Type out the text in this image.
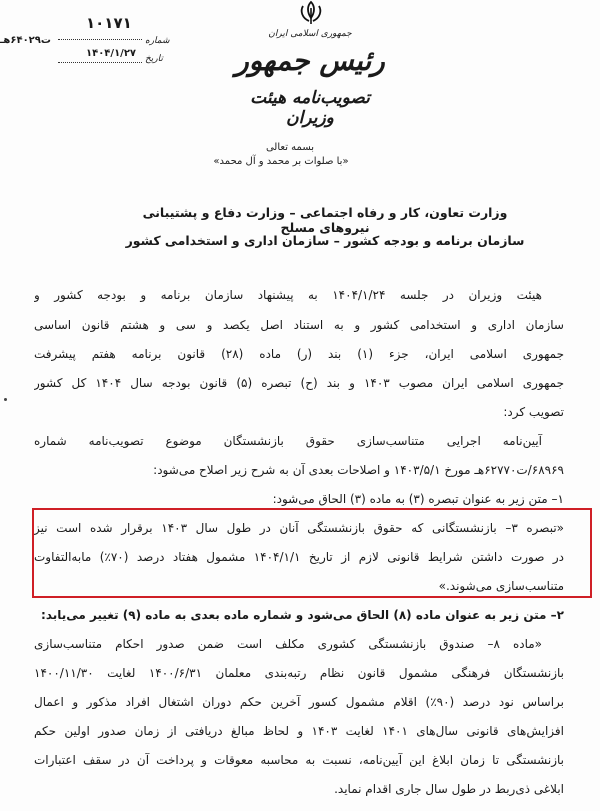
جمهوری اسلامی ایران
رئیس جمهور
تصویب‌نامه هیئت وزیران
۱۰۱۷۱
شماره
ت۶۴۰۲۹هـ
۱۴۰۴/۱/۲۷ تاریخ
بسمه تعالی
«با صلوات بر محمد و آل محمد»
وزارت تعاون، کار و رفاه اجتماعی – وزارت دفاع و پشتیبانی نیروهای مسلح
سازمان برنامه و بودجه کشور – سازمان اداری و استخدامی کشور
هیئت وزیران در جلسه ۱۴۰۴/۱/۲۴ به پیشنهاد سازمان برنامه و بودجه کشور و
سازمان اداری و استخدامی کشور و به استناد اصل یکصد و سی و هشتم قانون اساسی
جمهوری اسلامی ایران، جزء (۱) بند (ر) ماده (۲۸) قانون برنامه هفتم پیشرفت
جمهوری اسلامی ایران مصوب ۱۴۰۳ و بند (ح) تبصره (۵) قانون بودجه سال ۱۴۰۴ کل کشور
تصویب کرد:
آیین‌نامه اجرایی متناسب‌سازی حقوق بازنشستگان موضوع تصویب‌نامه شماره
۶۸۹۶۹/ت۶۲۷۷۰هـ مورخ ۱۴۰۳/۵/۱ و اصلاحات بعدی آن به شرح زیر اصلاح می‌شود:
۱– متن زیر به عنوان تبصره (۳) به ماده (۳) الحاق می‌شود:
«تبصره ۳– بازنشستگانی که حقوق بازنشستگی آنان در طول سال ۱۴۰۳ برقرار شده است نیز
در صورت داشتن شرایط قانونی لازم از تاریخ ۱۴۰۴/۱/۱ مشمول هفتاد درصد (۷۰٪) مابه‌التفاوت
متناسب‌سازی می‌شوند.»
۲– متن زیر به عنوان ماده (۸) الحاق می‌شود و شماره ماده بعدی به ماده (۹) تغییر می‌یابد:
«ماده ۸– صندوق بازنشستگی کشوری مکلف است ضمن صدور احکام متناسب‌سازی
بازنشستگان فرهنگی مشمول قانون نظام رتبه‌بندی معلمان ۱۴۰۰/۶/۳۱ لغایت ۱۴۰۰/۱۱/۳۰
براساس نود درصد (۹۰٪) اقلام مشمول کسور آخرین حکم دوران اشتغال افراد مذکور و اعمال
افزایش‌های قانونی سال‌های ۱۴۰۱ لغایت ۱۴۰۳ و لحاظ مبالغ دریافتی از زمان صدور اولین حکم
بازنشستگی تا زمان ابلاغ این آیین‌نامه، نسبت به محاسبه معوقات و پرداخت آن در سقف اعتبارات
ابلاغی ذی‌ربط در طول سال جاری اقدام نماید.
